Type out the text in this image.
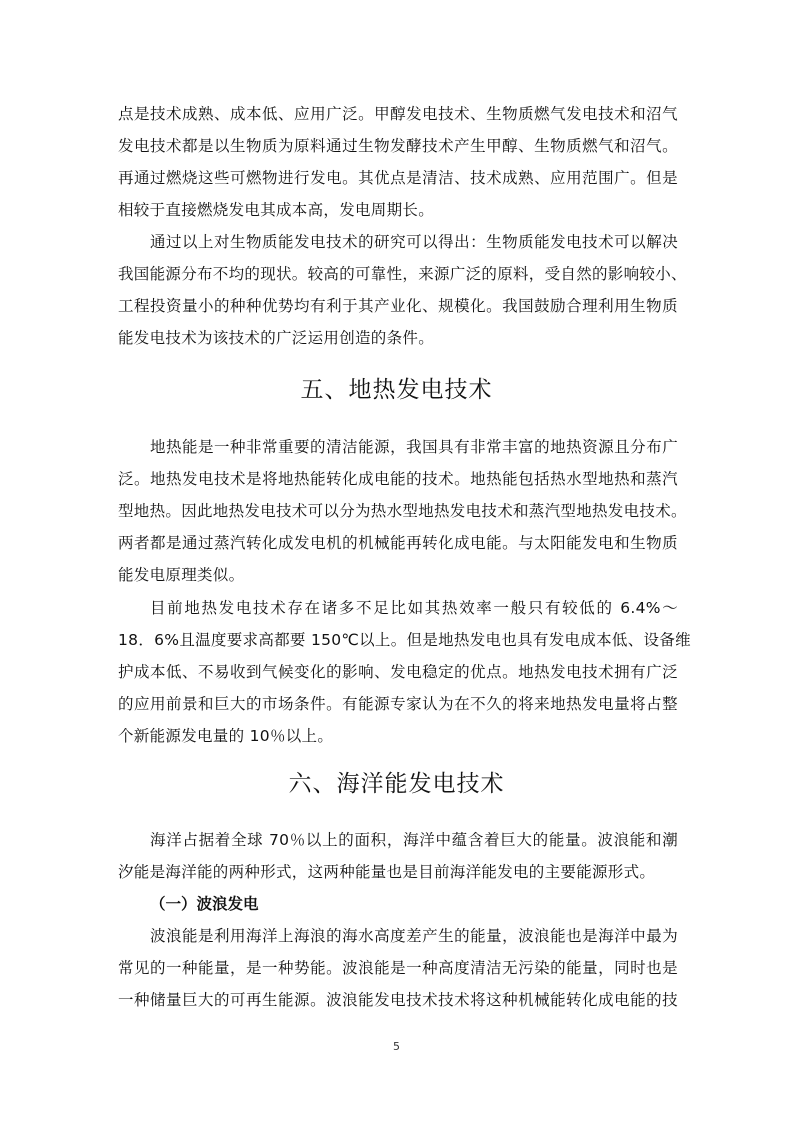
点是技术成熟、成本低、应用广泛。甲醇发电技术、生物质燃气发电技术和沼气
发电技术都是以生物质为原料通过生物发酵技术产生甲醇、生物质燃气和沼气。
再通过燃烧这些可燃物进行发电。其优点是清洁、技术成熟、应用范围广。但是
相较于直接燃烧发电其成本高，发电周期长。
通过以上对生物质能发电技术的研究可以得出：生物质能发电技术可以解决
我国能源分布不均的现状。较高的可靠性，来源广泛的原料，受自然的影响较小、
工程投资量小的种种优势均有利于其产业化、规模化。我国鼓励合理利用生物质
能发电技术为该技术的广泛运用创造的条件。
五、地热发电技术
地热能是一种非常重要的清洁能源，我国具有非常丰富的地热资源且分布广
泛。地热发电技术是将地热能转化成电能的技术。地热能包括热水型地热和蒸汽
型地热。因此地热发电技术可以分为热水型地热发电技术和蒸汽型地热发电技术。
两者都是通过蒸汽转化成发电机的机械能再转化成电能。与太阳能发电和生物质
能发电原理类似。
目前地热发电技术存在诸多不足比如其热效率一般只有较低的 6.4%～
18．6%且温度要求高都要 150℃以上。但是地热发电也具有发电成本低、设备维
护成本低、不易收到气候变化的影响、发电稳定的优点。地热发电技术拥有广泛
的应用前景和巨大的市场条件。有能源专家认为在不久的将来地热发电量将占整
个新能源发电量的 10％以上。
六、海洋能发电技术
海洋占据着全球 70％以上的面积，海洋中蕴含着巨大的能量。波浪能和潮
汐能是海洋能的两种形式，这两种能量也是目前海洋能发电的主要能源形式。
（一）波浪发电
波浪能是利用海洋上海浪的海水高度差产生的能量，波浪能也是海洋中最为
常见的一种能量，是一种势能。波浪能是一种高度清洁无污染的能量，同时也是
一种储量巨大的可再生能源。波浪能发电技术技术将这种机械能转化成电能的技
5
